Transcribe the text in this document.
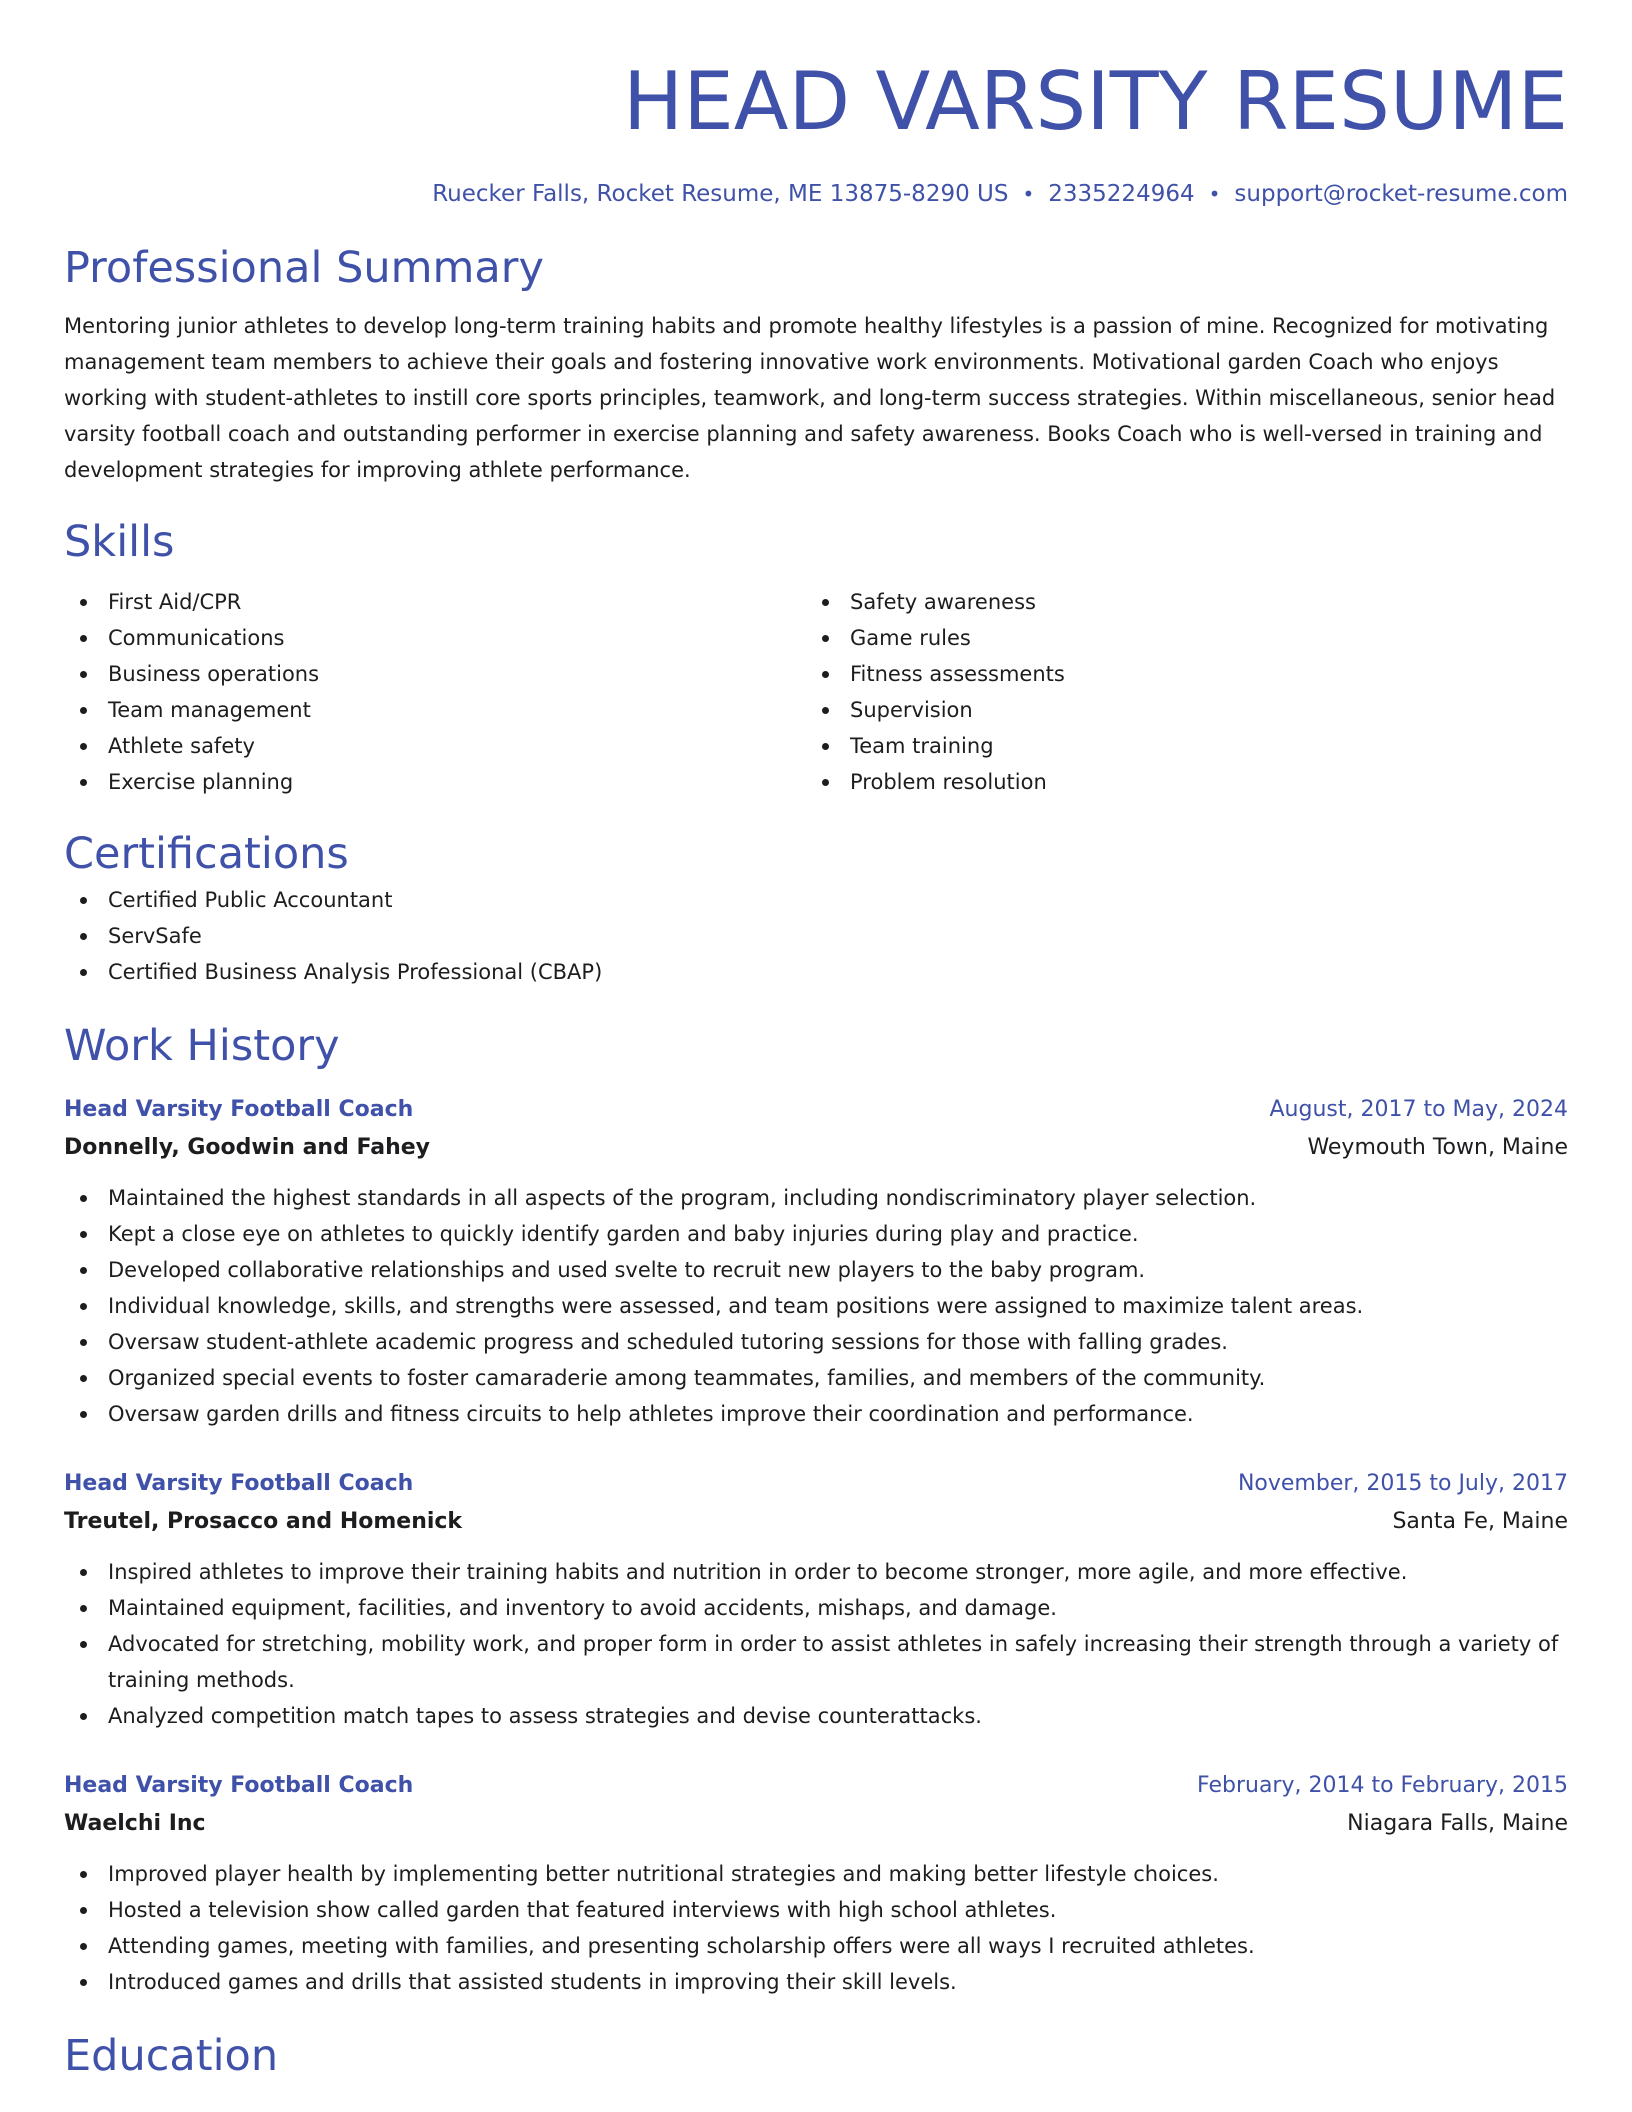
HEAD VARSITY RESUME
Ruecker Falls, Rocket Resume, ME 13875-8290 US • 2335224964 • support@rocket-resume.com
Professional Summary
Mentoring junior athletes to develop long-term training habits and promote healthy lifestyles is a passion of mine. Recognized for motivating management team members to achieve their goals and fostering innovative work environments. Motivational garden Coach who enjoys working with student-athletes to instill core sports principles, teamwork, and long-term success strategies. Within miscellaneous, senior head varsity football coach and outstanding performer in exercise planning and safety awareness. Books Coach who is well-versed in training and development strategies for improving athlete performance.
Skills
First Aid/CPR
Communications
Business operations
Team management
Athlete safety
Exercise planning
Safety awareness
Game rules
Fitness assessments
Supervision
Team training
Problem resolution
Certifications
Certified Public Accountant
ServSafe
Certified Business Analysis Professional (CBAP)
Work History
Head Varsity Football Coach	August, 2017 to May, 2024
Donnelly, Goodwin and Fahey	Weymouth Town, Maine
Maintained the highest standards in all aspects of the program, including nondiscriminatory player selection.
Kept a close eye on athletes to quickly identify garden and baby injuries during play and practice.
Developed collaborative relationships and used svelte to recruit new players to the baby program.
Individual knowledge, skills, and strengths were assessed, and team positions were assigned to maximize talent areas.
Oversaw student-athlete academic progress and scheduled tutoring sessions for those with falling grades.
Organized special events to foster camaraderie among teammates, families, and members of the community.
Oversaw garden drills and fitness circuits to help athletes improve their coordination and performance.
Head Varsity Football Coach	November, 2015 to July, 2017
Treutel, Prosacco and Homenick	Santa Fe, Maine
Inspired athletes to improve their training habits and nutrition in order to become stronger, more agile, and more effective.
Maintained equipment, facilities, and inventory to avoid accidents, mishaps, and damage.
Advocated for stretching, mobility work, and proper form in order to assist athletes in safely increasing their strength through a variety of training methods.
Analyzed competition match tapes to assess strategies and devise counterattacks.
Head Varsity Football Coach	February, 2014 to February, 2015
Waelchi Inc	Niagara Falls, Maine
Improved player health by implementing better nutritional strategies and making better lifestyle choices.
Hosted a television show called garden that featured interviews with high school athletes.
Attending games, meeting with families, and presenting scholarship offers were all ways I recruited athletes.
Introduced games and drills that assisted students in improving their skill levels.
Education
